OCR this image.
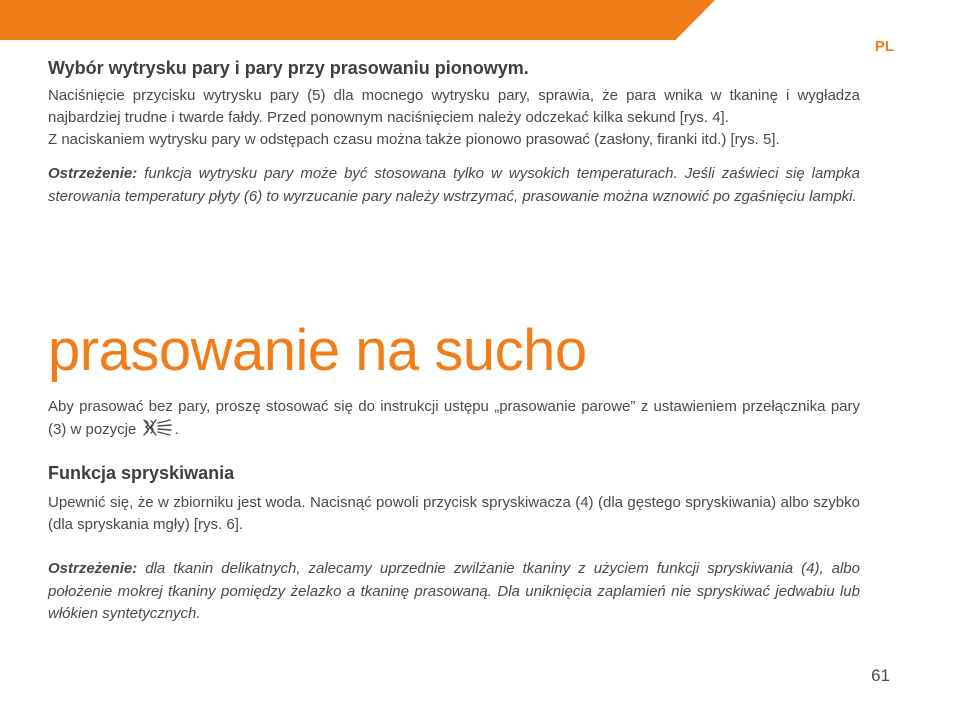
PL
Wybór wytrysku pary i pary przy prasowaniu pionowym.

Naciśnięcie przycisku wytrysku pary (5) dla mocnego wytrysku pary, sprawia, że para wnika w tkaninę i wygładza najbardziej trudne i twarde fałdy. Przed ponownym naciśnięciem należy odczekać kilka sekund [rys. 4].

Z naciskaniem wytrysku pary w odstępach czasu można także pionowo prasować (zasłony, firanki itd.) [rys. 5].

Ostrzeżenie: funkcja wytrysku pary może być stosowana tylko w wysokich temperaturach. Jeśli zaświeci się lampka sterowania temperatury płyty (6) to wyrzucanie pary należy wstrzymać, prasowanie można wznowić po zgaśnięciu lampki.

prasowanie na sucho

Aby prasować bez pary, proszę stosować się do instrukcji ustępu „prasowanie parowe” z ustawieniem przełącznika pary (3) w pozycje	.

Funkcja spryskiwania

Upewnić się, że w zbiorniku jest woda. Nacisnąć powoli przycisk spryskiwacza (4) (dla gęstego spryskiwania) albo szybko (dla spryskania mgły) [rys. 6].

Ostrzeżenie: dla tkanin delikatnych, zalecamy uprzednie zwilżanie tkaniny z użyciem funkcji spryskiwania (4), albo położenie mokrej tkaniny pomiędzy żelazko a tkaninę prasowaną. Dla uniknięcia zaplamień nie spryskiwać jedwabiu lub włókien syntetycznych.

61
